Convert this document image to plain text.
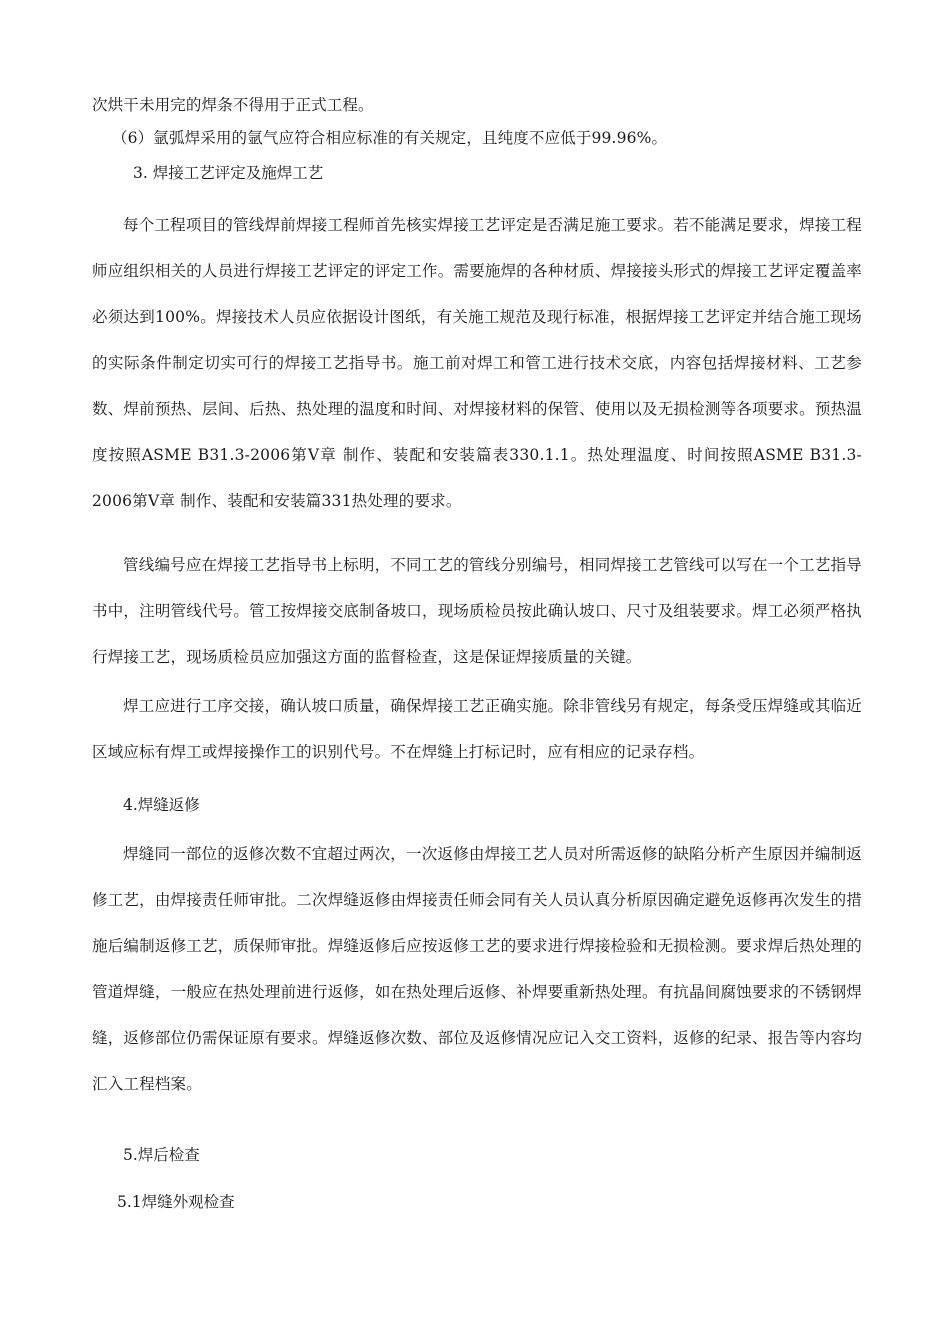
次烘干未用完的焊条不得用于正式工程。
（6）氩弧焊采用的氩气应符合相应标准的有关规定，且纯度不应低于99.96%。
3. 焊接工艺评定及施焊工艺
每个工程项目的管线焊前焊接工程师首先核实焊接工艺评定是否满足施工要求。若不能满足要求，焊接工程师应组织相关的人员进行焊接工艺评定的评定工作。需要施焊的各种材质、焊接接头形式的焊接工艺评定覆盖率必须达到100%。焊接技术人员应依据设计图纸，有关施工规范及现行标准，根据焊接工艺评定并结合施工现场的实际条件制定切实可行的焊接工艺指导书。施工前对焊工和管工进行技术交底，内容包括焊接材料、工艺参数、焊前预热、层间、后热、热处理的温度和时间、对焊接材料的保管、使用以及无损检测等各项要求。预热温度按照ASME B31.3-2006第Ⅴ章 制作、装配和安装篇表330.1.1。热处理温度、时间按照ASME B31.3-2006第Ⅴ章 制作、装配和安装篇331热处理的要求。
管线编号应在焊接工艺指导书上标明，不同工艺的管线分别编号，相同焊接工艺管线可以写在一个工艺指导书中，注明管线代号。管工按焊接交底制备坡口，现场质检员按此确认坡口、尺寸及组装要求。焊工必须严格执行焊接工艺，现场质检员应加强这方面的监督检查，这是保证焊接质量的关键。
焊工应进行工序交接，确认坡口质量，确保焊接工艺正确实施。除非管线另有规定，每条受压焊缝或其临近区域应标有焊工或焊接操作工的识别代号。不在焊缝上打标记时，应有相应的记录存档。
4.焊缝返修
焊缝同一部位的返修次数不宜超过两次，一次返修由焊接工艺人员对所需返修的缺陷分析产生原因并编制返修工艺，由焊接责任师审批。二次焊缝返修由焊接责任师会同有关人员认真分析原因确定避免返修再次发生的措施后编制返修工艺，质保师审批。焊缝返修后应按返修工艺的要求进行焊接检验和无损检测。要求焊后热处理的管道焊缝，一般应在热处理前进行返修，如在热处理后返修、补焊要重新热处理。有抗晶间腐蚀要求的不锈钢焊缝，返修部位仍需保证原有要求。焊缝返修次数、部位及返修情况应记入交工资料，返修的纪录、报告等内容均汇入工程档案。
5.焊后检查
5.1焊缝外观检查
